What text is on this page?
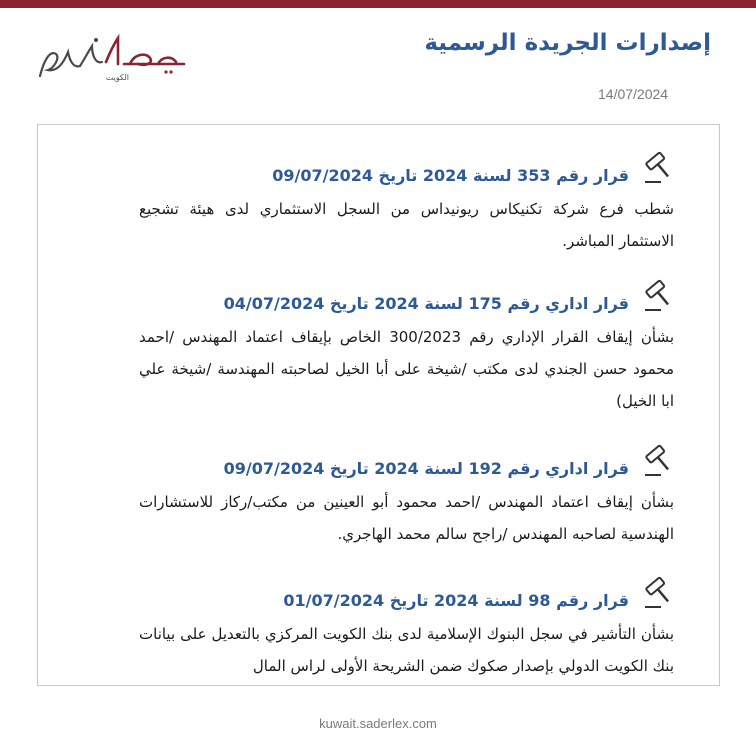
الكويت
إصدارات الجريدة الرسمية
14/07/2024
قرار رقم 353 لسنة 2024 تاريخ 09/07/2024
شطب فرع شركة تكنيكاس ريونيداس من السجل الاستثماري لدى هيئة تشجيع الاستثمار المباشر.
قرار اداري رقم 175 لسنة 2024 تاريخ 04/07/2024
بشأن إيقاف القرار الإداري رقم 300/2023 الخاص بإيقاف اعتماد المهندس /احمد محمود حسن الجندي لدى مكتب /شيخة على أبا الخيل لصاحبته المهندسة /شيخة علي ابا الخيل)
قرار اداري رقم 192 لسنة 2024 تاريخ 09/07/2024
بشأن إيقاف اعتماد المهندس /احمد محمود أبو العينين من مكتب/ركاز للاستشارات الهندسية لصاحبه المهندس /راجح سالم محمد الهاجري.
قرار رقم 98 لسنة 2024 تاريخ 01/07/2024
بشأن التأشير في سجل البنوك الإسلامية لدى بنك الكويت المركزي بالتعديل على بيانات بنك الكويت الدولي بإصدار صكوك ضمن الشريحة الأولى لراس المال
kuwait.saderlex.com
